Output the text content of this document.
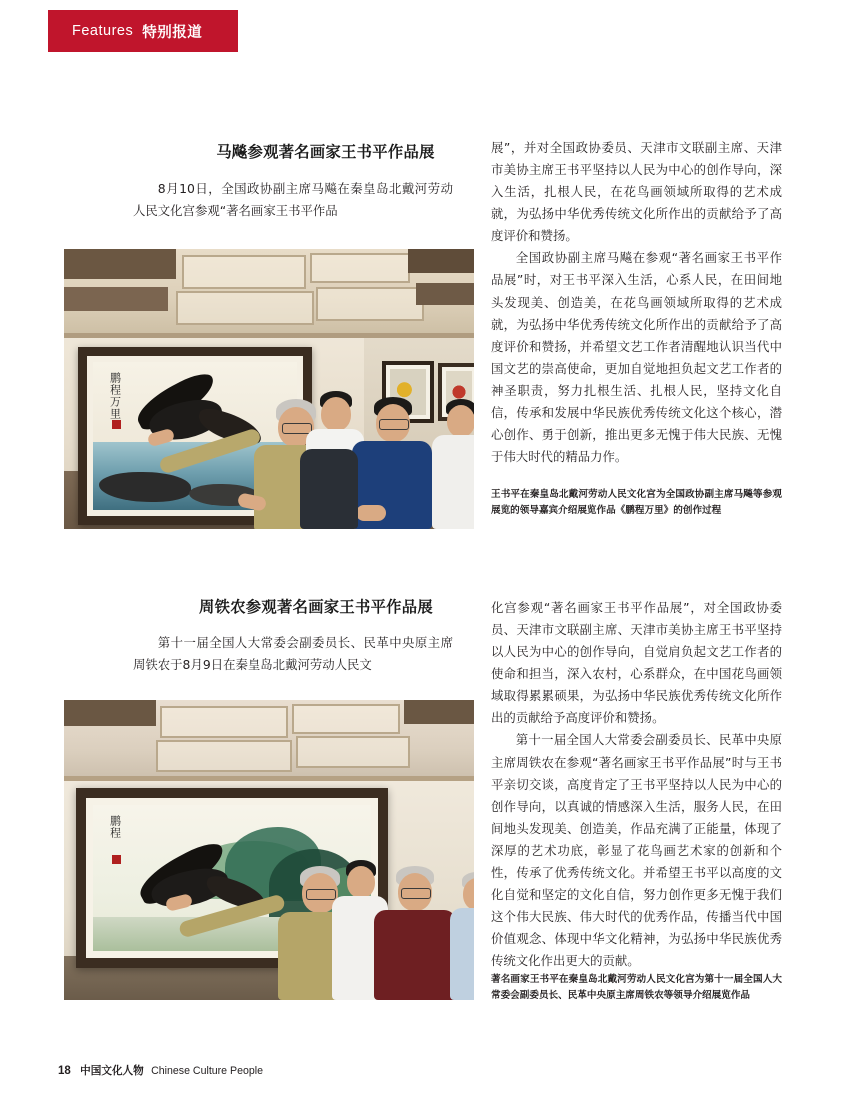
Features 特别报道
马飚参观著名画家王书平作品展

8月10日，全国政协副主席马飚在秦皇岛北戴河劳动人民文化宫参观“著名画家王书平作品

鹏程万里

展”，并对全国政协委员、天津市文联副主席、天津市美协主席王书平坚持以人民为中心的创作导向，深入生活，扎根人民，在花鸟画领域所取得的艺术成就，为弘扬中华优秀传统文化所作出的贡献给予了高度评价和赞扬。

全国政协副主席马飚在参观“著名画家王书平作品展”时，对王书平深入生活，心系人民，在田间地头发现美、创造美，在花鸟画领域所取得的艺术成就，为弘扬中华优秀传统文化所作出的贡献给予了高度评价和赞扬，并希望文艺工作者清醒地认识当代中国文艺的崇高使命，更加自觉地担负起文艺工作者的神圣职责，努力扎根生活、扎根人民，坚持文化自信，传承和发展中华民族优秀传统文化这个核心，潜心创作、勇于创新，推出更多无愧于伟大民族、无愧于伟大时代的精品力作。

王书平在秦皇岛北戴河劳动人民文化宫为全国政协副主席马飚等参观展览的领导嘉宾介绍展览作品《鹏程万里》的创作过程
周铁农参观著名画家王书平作品展

第十一届全国人大常委会副委员长、民革中央原主席周铁农于8月9日在秦皇岛北戴河劳动人民文

鹏程

化宫参观“著名画家王书平作品展”，对全国政协委员、天津市文联副主席、天津市美协主席王书平坚持以人民为中心的创作导向，自觉肩负起文艺工作者的使命和担当，深入农村，心系群众，在中国花鸟画领域取得累累硕果，为弘扬中华民族优秀传统文化所作出的贡献给予高度评价和赞扬。

第十一届全国人大常委会副委员长、民革中央原主席周铁农在参观“著名画家王书平作品展”时与王书平亲切交谈，高度肯定了王书平坚持以人民为中心的创作导向，以真诚的情感深入生活，服务人民，在田间地头发现美、创造美，作品充满了正能量，体现了深厚的艺术功底，彰显了花鸟画艺术家的创新和个性，传承了优秀传统文化。并希望王书平以高度的文化自觉和坚定的文化自信，努力创作更多无愧于我们这个伟大民族、伟大时代的优秀作品，传播当代中国价值观念、体现中华文化精神，为弘扬中华民族优秀传统文化作出更大的贡献。

著名画家王书平在秦皇岛北戴河劳动人民文化宫为第十一届全国人大常委会副委员长、民革中央原主席周铁农等领导介绍展览作品
18 中国文化人物 Chinese Culture People
